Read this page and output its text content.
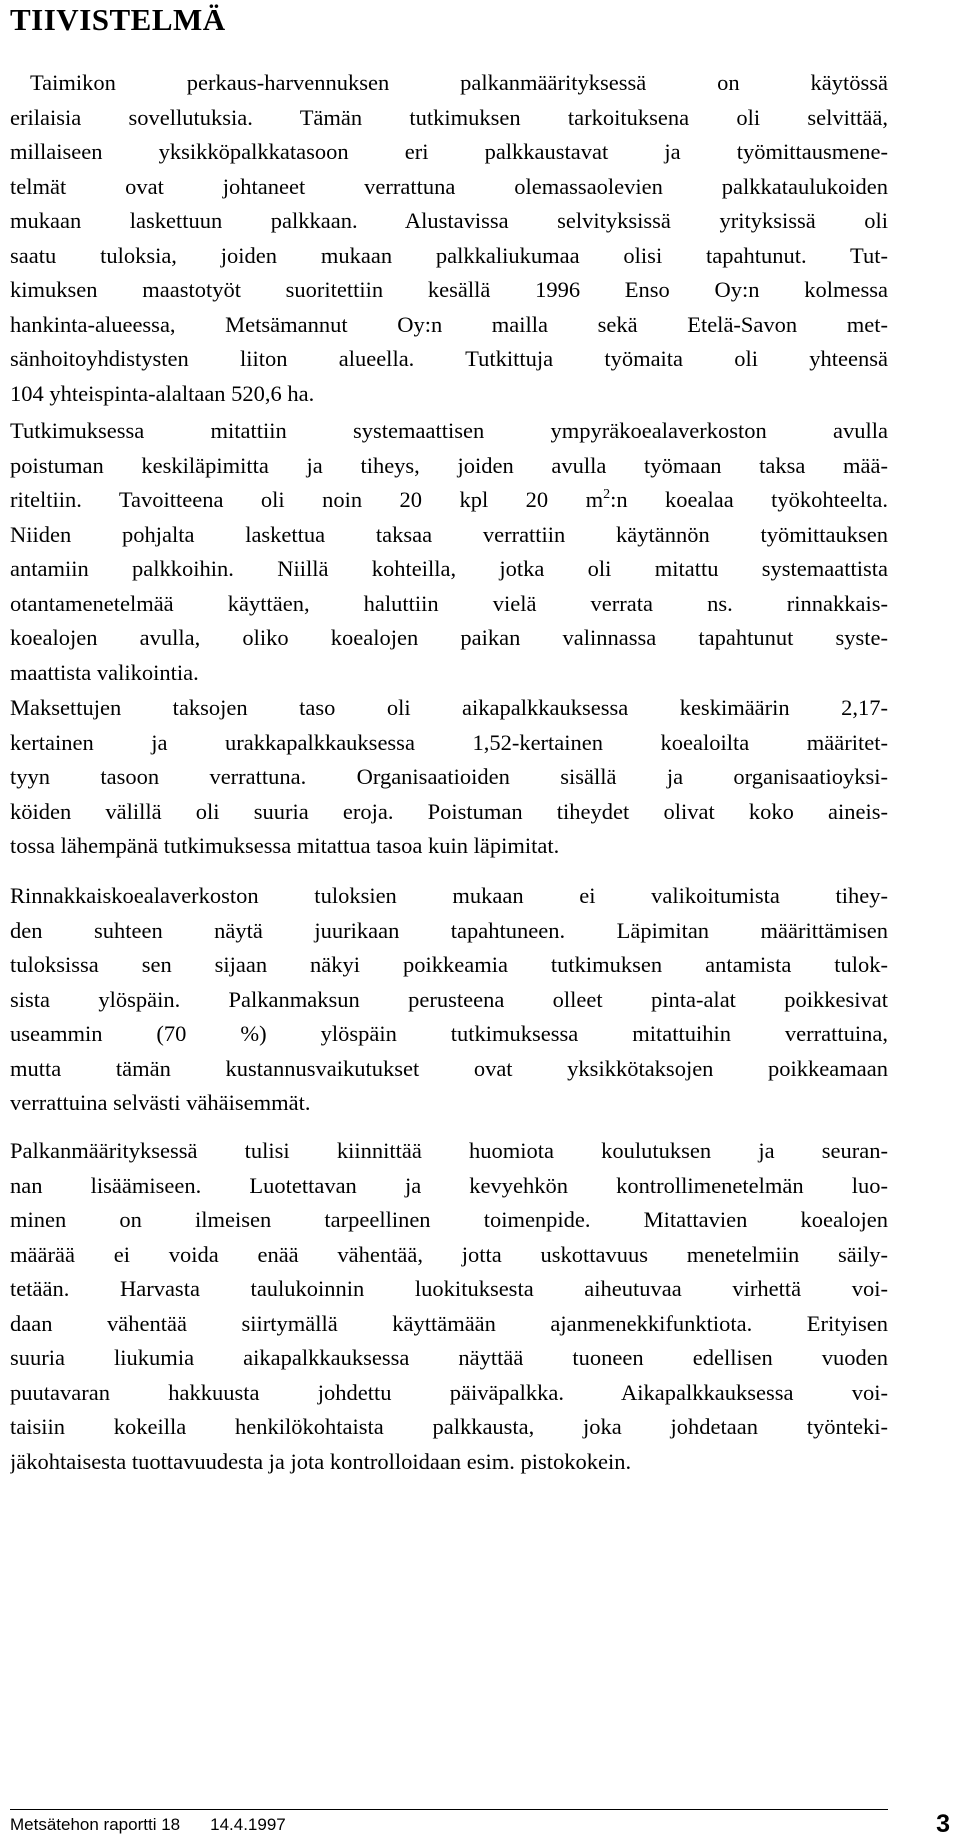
TIIVISTELMÄ
Taimikon perkaus-harvennuksen palkanmäärityksessä on käytössä
erilaisia sovellutuksia. Tämän tutkimuksen tarkoituksena oli selvittää,
millaiseen yksikköpalkkatasoon eri palkkaustavat ja työmittausmene-
telmät ovat johtaneet verrattuna olemassaolevien palkkataulukoiden
mukaan laskettuun palkkaan. Alustavissa selvityksissä yrityksissä oli
saatu tuloksia, joiden mukaan palkkaliukumaa olisi tapahtunut. Tut-
kimuksen maastotyöt suoritettiin kesällä 1996 Enso Oy:n kolmessa
hankinta-alueessa, Metsämannut Oy:n mailla sekä Etelä-Savon met-
sänhoitoyhdistysten liiton alueella. Tutkittuja työmaita oli yhteensä
104 yhteispinta-alaltaan 520,6 ha.
Tutkimuksessa mitattiin systemaattisen ympyräkoealaverkoston avulla
poistuman keskiläpimitta ja tiheys, joiden avulla työmaan taksa mää-
riteltiin. Tavoitteena oli noin 20 kpl 20 $m^2:n$ koealaa työkohteelta.
Niiden pohjalta laskettua taksaa verrattiin käytännön työmittauksen
antamiin palkkoihin. Niillä kohteilla, jotka oli mitattu systemaattista
otantamenetelmää käyttäen, haluttiin vielä verrata ns. rinnakkais-
koealojen avulla, oliko koealojen paikan valinnassa tapahtunut syste-
maattista valikointia.
Maksettujen taksojen taso oli aikapalkkauksessa keskimäärin 2,17-
kertainen ja urakkapalkkauksessa 1,52-kertainen koealoilta määritet-
tyyn tasoon verrattuna. Organisaatioiden sisällä ja organisaatioyksi-
köiden välillä oli suuria eroja. Poistuman tiheydet olivat koko aineis-
tossa lähempänä tutkimuksessa mitattua tasoa kuin läpimitat.
Rinnakkaiskoealaverkoston tuloksien mukaan ei valikoitumista tihey-
den suhteen näytä juurikaan tapahtuneen. Läpimitan määrittämisen
tuloksissa sen sijaan näkyi poikkeamia tutkimuksen antamista tulok-
sista ylöspäin. Palkanmaksun perusteena olleet pinta-alat poikkesivat
useammin (70 %) ylöspäin tutkimuksessa mitattuihin verrattuina,
mutta tämän kustannusvaikutukset ovat yksikkötaksojen poikkeamaan
verrattuina selvästi vähäisemmät.
Palkanmäärityksessä tulisi kiinnittää huomiota koulutuksen ja seuran-
nan lisäämiseen. Luotettavan ja kevyehkön kontrollimenetelmän luo-
minen on ilmeisen tarpeellinen toimenpide. Mitattavien koealojen
määrää ei voida enää vähentää, jotta uskottavuus menetelmiin säily-
tetään. Harvasta taulukoinnin luokituksesta aiheutuvaa virhettä voi-
daan vähentää siirtymällä käyttämään ajanmenekkifunktiota. Erityisen
suuria liukumia aikapalkkauksessa näyttää tuoneen edellisen vuoden
puutavaran hakkuusta johdettu päiväpalkka. Aikapalkkauksessa voi-
taisiin kokeilla henkilökohtaista palkkausta, joka johdetaan työnteki-
jäkohtaisesta tuottavuudesta ja jota kontrolloidaan esim. pistokokein.
Metsätehon raportti 18 14.4.1997	3
